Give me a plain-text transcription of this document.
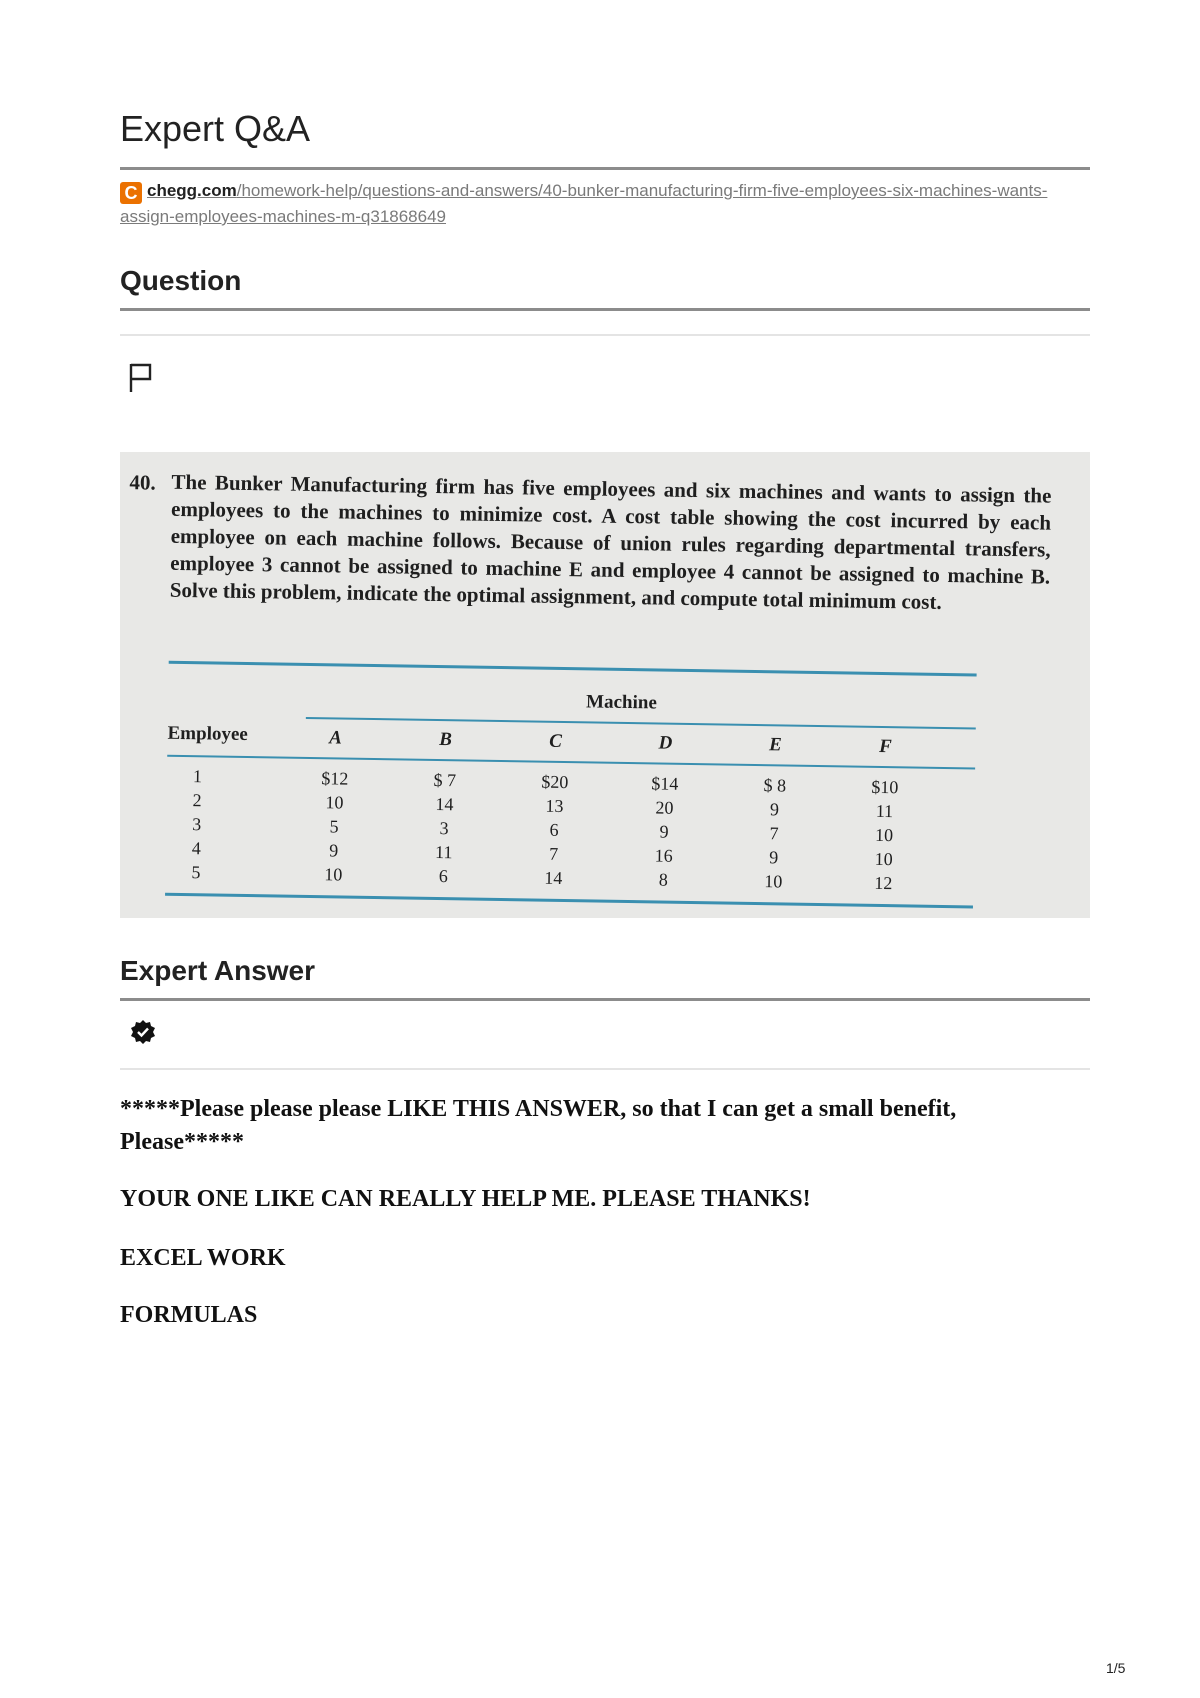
Expert Q&A
C chegg.com/homework-help/questions-and-answers/40-bunker-manufacturing-firm-five-employees-six-machines-wants-assign-employees-machines-m-q31868649
Question
40. The Bunker Manufacturing firm has five employees and six machines and wants to assign the employees to the machines to minimize cost. A cost table showing the cost incurred by each employee on each machine follows. Because of union rules regarding departmental transfers, employee 3 cannot be assigned to machine E and employee 4 cannot be assigned to machine B. Solve this problem, indicate the optimal assignment, and compute total minimum cost.

Machine
Employee	A	B	C	D	E	F
1	$12	$ 7	$20	$14	$ 8	$10
2	10	14	13	20	9	11
3	5	3	6	9	7	10
4	9	11	7	16	9	10
5	10	6	14	8	10	12
Expert Answer

*****Please please please LIKE THIS ANSWER, so that I can get a small benefit, Please*****

YOUR ONE LIKE CAN REALLY HELP ME. PLEASE THANKS!

EXCEL WORK

FORMULAS

1/5
